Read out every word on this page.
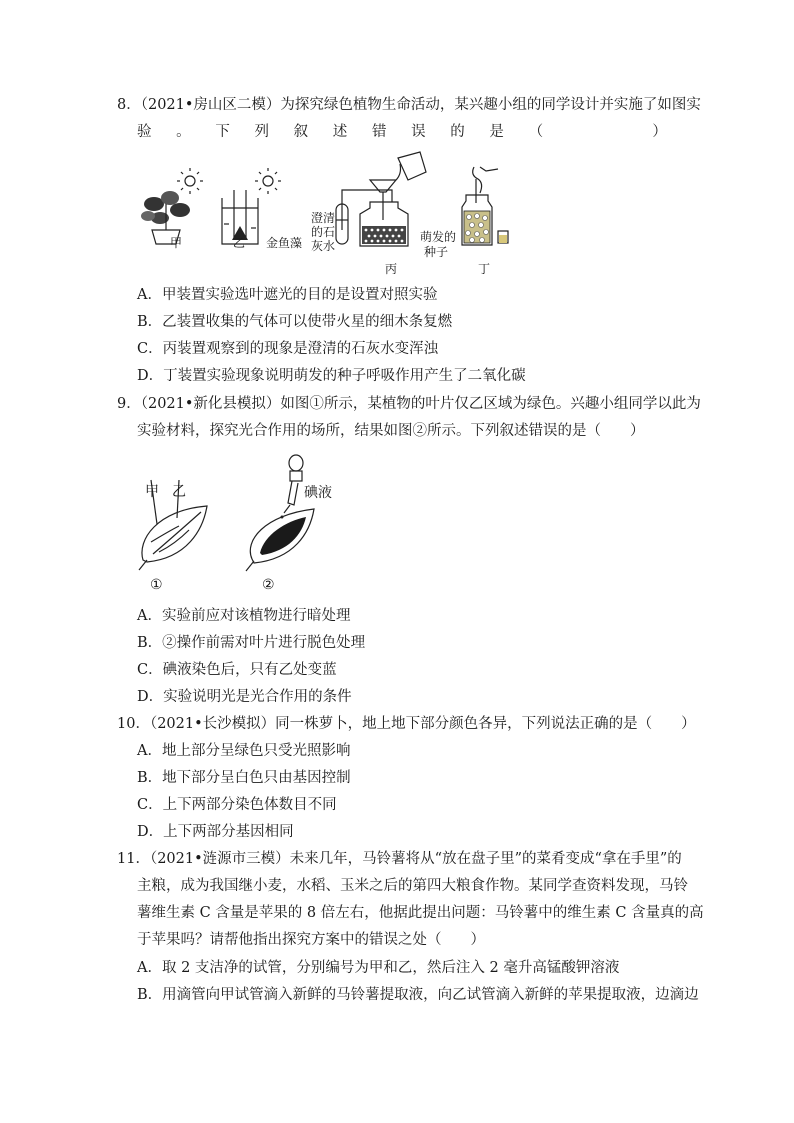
8．（2021•房山区二模）为探究绿色植物生命活动，某兴趣小组的同学设计并实施了如图实
验 。 下 列 叙 述 错 误 的 是 （	）
甲	乙 金鱼藻
澄清
的石
灰水
丙
萌发的
种子
丁
A．甲装置实验选叶遮光的目的是设置对照实验
B．乙装置收集的气体可以使带火星的细木条复燃
C．丙装置观察到的现象是澄清的石灰水变浑浊
D．丁装置实验现象说明萌发的种子呼吸作用产生了二氧化碳
9．（2021•新化县模拟）如图①所示，某植物的叶片仅乙区域为绿色。兴趣小组同学以此为
实验材料，探究光合作用的场所，结果如图②所示。下列叙述错误的是（　　）
甲 乙
①
碘液
②
A．实验前应对该植物进行暗处理
B．②操作前需对叶片进行脱色处理
C．碘液染色后，只有乙处变蓝
D．实验说明光是光合作用的条件
10．（2021•长沙模拟）同一株萝卜，地上地下部分颜色各异，下列说法正确的是（　　）
A．地上部分呈绿色只受光照影响
B．地下部分呈白色只由基因控制
C．上下两部分染色体数目不同
D．上下两部分基因相同
11．（2021•涟源市三模）未来几年，马铃薯将从“放在盘子里”的菜肴变成“拿在手里”的
主粮，成为我国继小麦，水稻、玉米之后的第四大粮食作物。某同学查资料发现，马铃
薯维生素 C 含量是苹果的 8 倍左右，他据此提出问题：马铃薯中的维生素 C 含量真的高
于苹果吗？请帮他指出探究方案中的错误之处（　　）
A．取 2 支洁净的试管，分别编号为甲和乙，然后注入 2 毫升高锰酸钾溶液
B．用滴管向甲试管滴入新鲜的马铃薯提取液，向乙试管滴入新鲜的苹果提取液，边滴边
